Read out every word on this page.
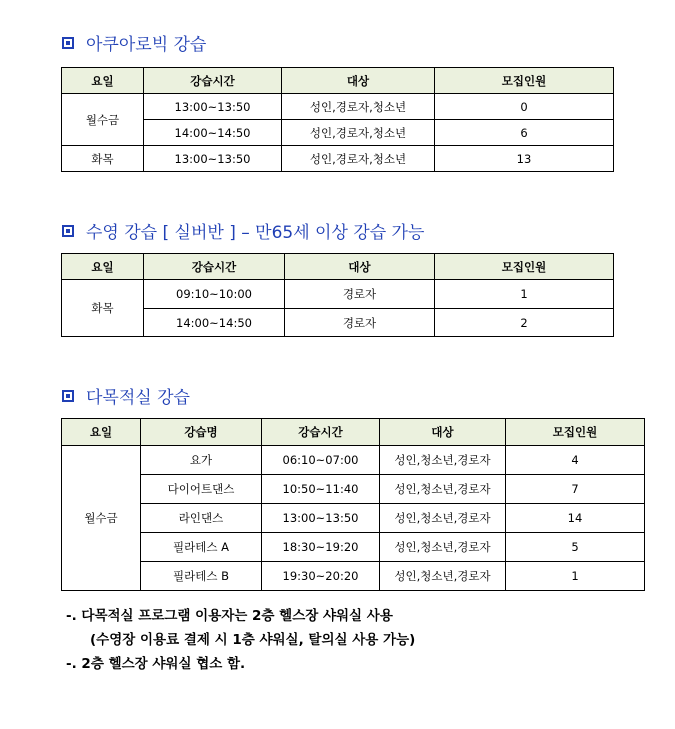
아쿠아로빅 강습
요일	강습시간	대상	모집인원
월수금	13:00~13:50	성인,경로자,청소년	0
	14:00~14:50	성인,경로자,청소년	6
화목	13:00~13:50	성인,경로자,청소년	13
수영 강습 [ 실버반 ] – 만65세 이상 강습 가능
요일	강습시간	대상	모집인원
화목	09:10~10:00	경로자	1
	14:00~14:50	경로자	2
다목적실 강습
요일	강습명	강습시간	대상	모집인원
월수금	요가	06:10~07:00	성인,청소년,경로자	4
	다이어트댄스	10:50~11:40	성인,청소년,경로자	7
	라인댄스	13:00~13:50	성인,청소년,경로자	14
	필라테스 A	18:30~19:20	성인,청소년,경로자	5
	필라테스 B	19:30~20:20	성인,청소년,경로자	1
-. 다목적실 프로그램 이용자는 2층 헬스장 샤워실 사용
(수영장 이용료 결제 시 1층 샤워실, 탈의실 사용 가능)
-. 2층 헬스장 샤워실 협소 함.
